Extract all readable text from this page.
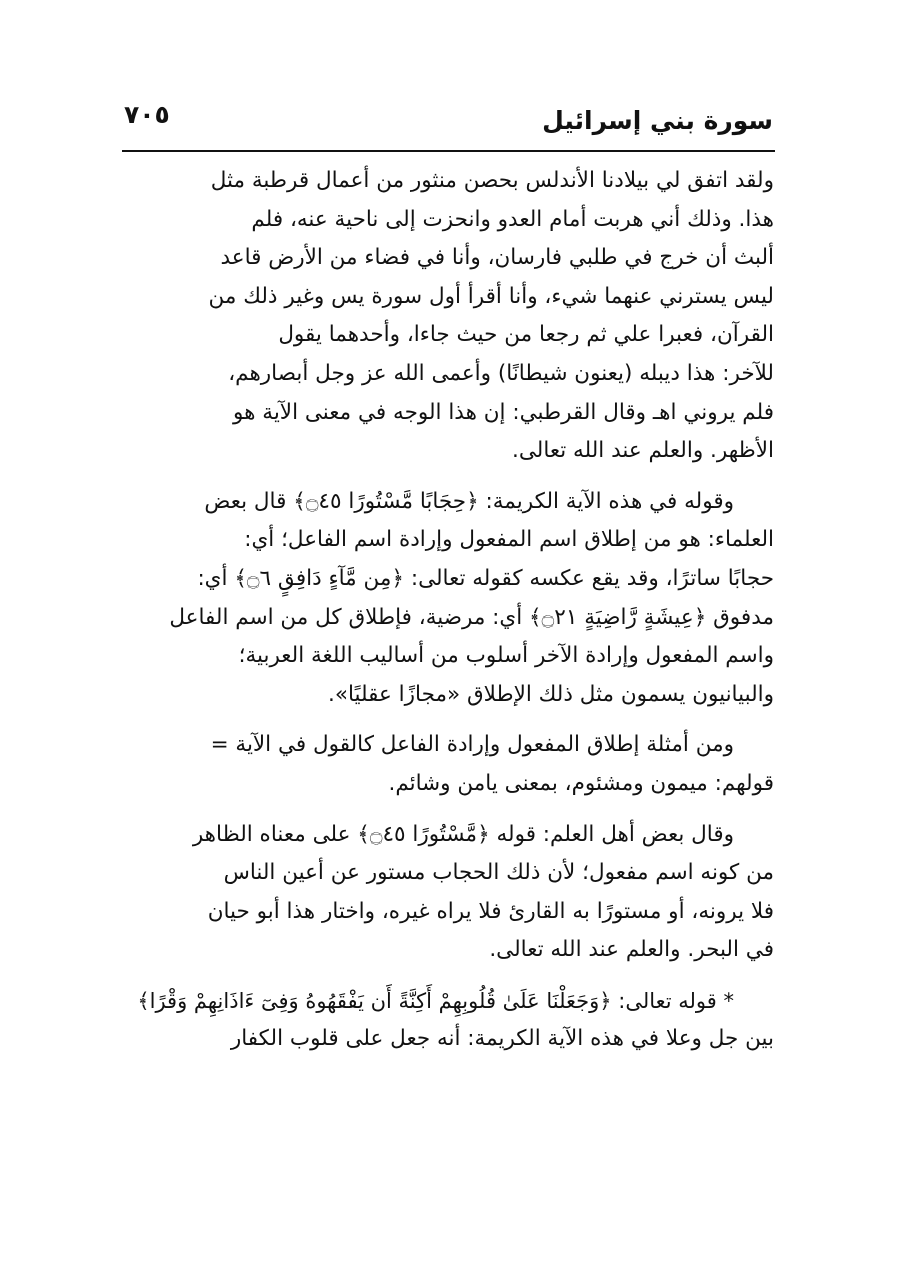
سورة بني إسرائيل
٧٠٥
ولقد اتفق لي بيلادنا الأندلس بحصن منثور من أعمال قرطبة مثل
هذا. وذلك أني هربت أمام العدو وانحزت إلى ناحية عنه، فلم
ألبث أن خرج في طلبي فارسان، وأنا في فضاء من الأرض قاعد
ليس يسترني عنهما شيء، وأنا أقرأ أول سورة يس وغير ذلك من
القرآن، فعبرا علي ثم رجعا من حيث جاءا، وأحدهما يقول
للآخر: هذا ديبله (يعنون شيطانًا) وأعمى الله عز وجل أبصارهم،
فلم يروني اهـ وقال القرطبي: إن هذا الوجه في معنى الآية هو
الأظهر. والعلم عند الله تعالى.
وقوله في هذه الآية الكريمة: ﴿حِجَابًا مَّسْتُورًا ۝٤٥﴾ قال بعض
العلماء: هو من إطلاق اسم المفعول وإرادة اسم الفاعل؛ أي:
حجابًا ساترًا، وقد يقع عكسه كقوله تعالى: ﴿مِن مَّآءٍ دَافِقٍ ۝٦﴾ أي:
مدفوق ﴿عِيشَةٍ رَّاضِيَةٍ ۝٢١﴾ أي: مرضية، فإطلاق كل من اسم الفاعل
واسم المفعول وإرادة الآخر أسلوب من أساليب اللغة العربية؛
والبيانيون يسمون مثل ذلك الإطلاق «مجازًا عقليًا».
ومن أمثلة إطلاق المفعول وإرادة الفاعل كالقول في الآية =
قولهم: ميمون ومشئوم، بمعنى يامن وشائم.
وقال بعض أهل العلم: قوله ﴿مَّسْتُورًا ۝٤٥﴾ على معناه الظاهر
من كونه اسم مفعول؛ لأن ذلك الحجاب مستور عن أعين الناس
فلا يرونه، أو مستورًا به القارئ فلا يراه غيره، واختار هذا أبو حيان
في البحر. والعلم عند الله تعالى.
* قوله تعالى: ﴿وَجَعَلْنَا عَلَىٰ قُلُوبِهِمْ أَكِنَّةً أَن يَفْقَهُوهُ وَفِىٓ ءَاذَانِهِمْ وَقْرًا﴾
بين جل وعلا في هذه الآية الكريمة: أنه جعل على قلوب الكفار
